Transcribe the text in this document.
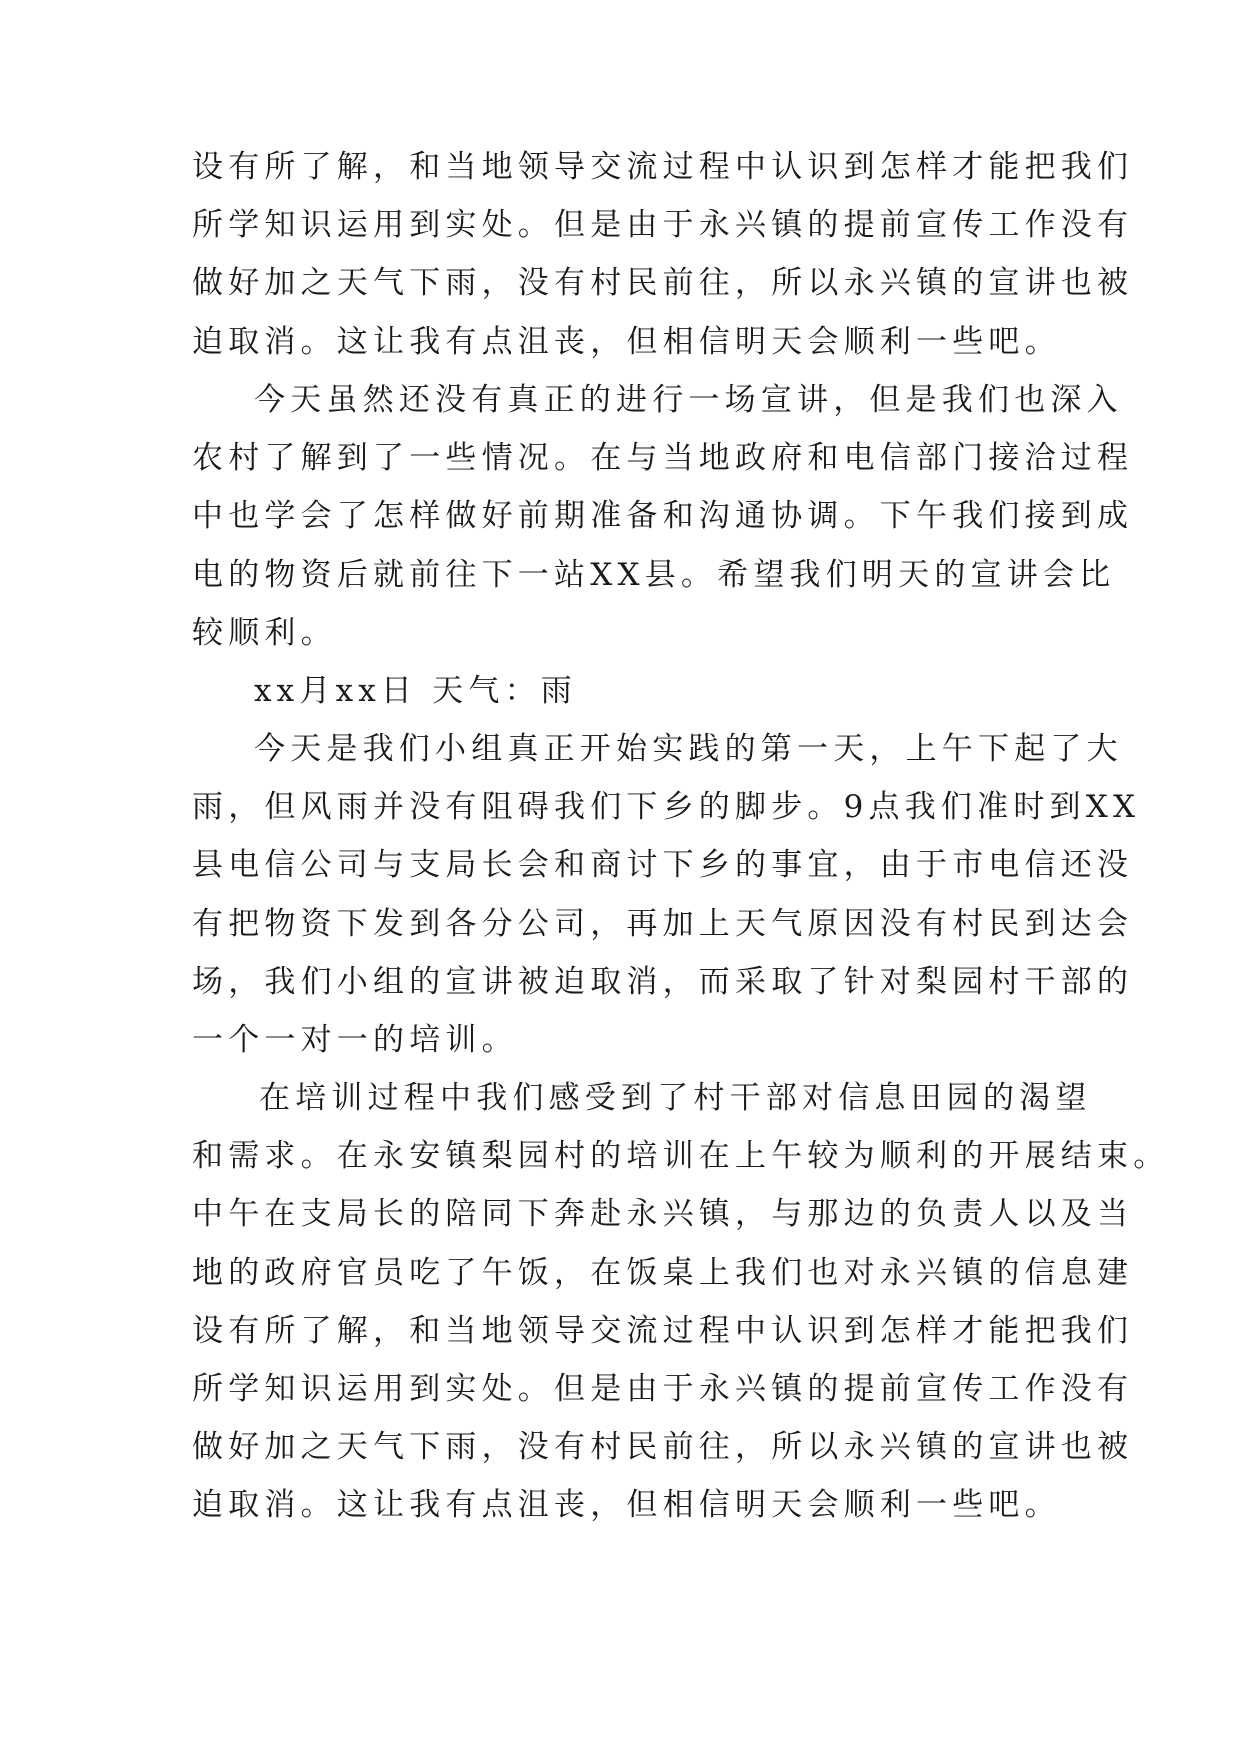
设有所了解，和当地领导交流过程中认识到怎样才能把我们
所学知识运用到实处。但是由于永兴镇的提前宣传工作没有
做好加之天气下雨，没有村民前往，所以永兴镇的宣讲也被
迫取消。这让我有点沮丧，但相信明天会顺利一些吧。
今天虽然还没有真正的进行一场宣讲，但是我们也深入
农村了解到了一些情况。在与当地政府和电信部门接洽过程
中也学会了怎样做好前期准备和沟通协调。下午我们接到成
电的物资后就前往下一站XX县。希望我们明天的宣讲会比
较顺利。
xx月xx日 天气：雨
今天是我们小组真正开始实践的第一天，上午下起了大
雨，但风雨并没有阻碍我们下乡的脚步。9点我们准时到XX
县电信公司与支局长会和商讨下乡的事宜，由于市电信还没
有把物资下发到各分公司，再加上天气原因没有村民到达会
场，我们小组的宣讲被迫取消，而采取了针对梨园村干部的
一个一对一的培训。
在培训过程中我们感受到了村干部对信息田园的渴望
和需求。在永安镇梨园村的培训在上午较为顺利的开展结束。
中午在支局长的陪同下奔赴永兴镇，与那边的负责人以及当
地的政府官员吃了午饭，在饭桌上我们也对永兴镇的信息建
设有所了解，和当地领导交流过程中认识到怎样才能把我们
所学知识运用到实处。但是由于永兴镇的提前宣传工作没有
做好加之天气下雨，没有村民前往，所以永兴镇的宣讲也被
迫取消。这让我有点沮丧，但相信明天会顺利一些吧。
